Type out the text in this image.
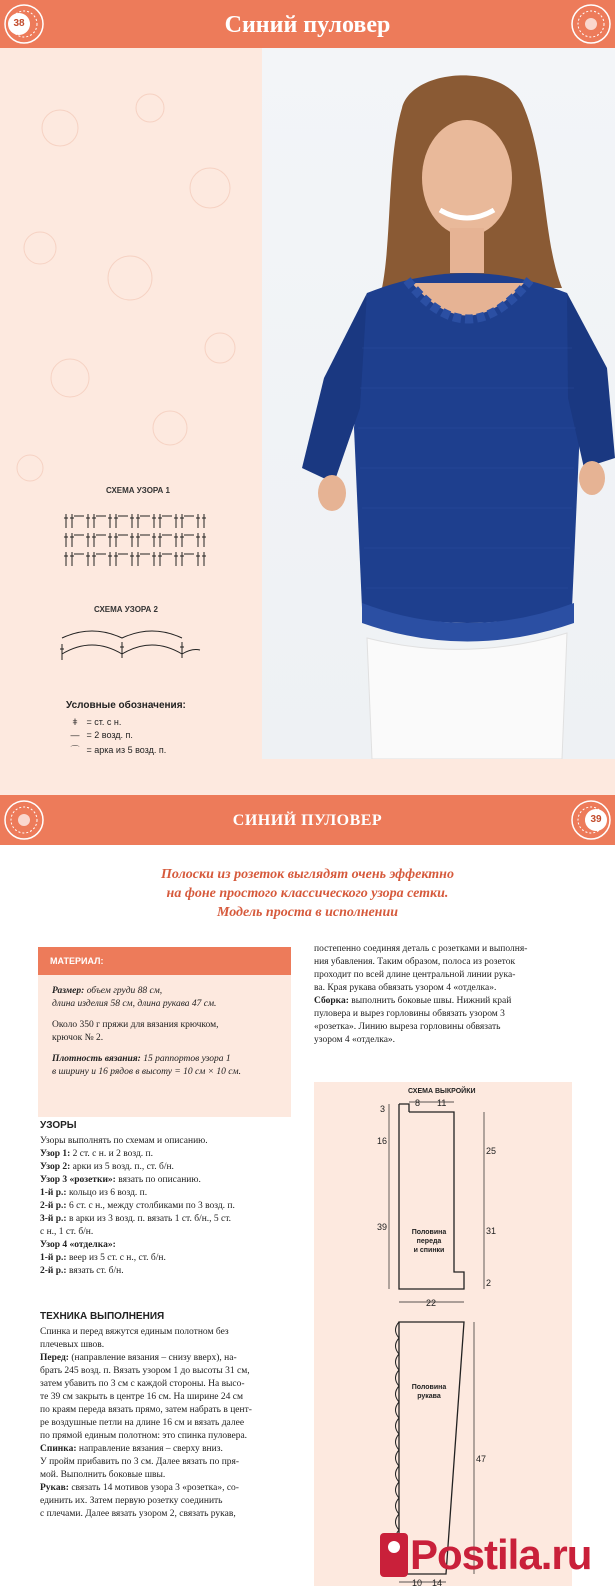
38	Синий пуловер
СХЕМА УЗОРА 1
СХЕМА УЗОРА 2
Условные обозначения:
ǂ = ст. с н.
— = 2 возд. п.
⌒ = арка из 5 возд. п.
СИНИЙ ПУЛОВЕР	39
Полоски из розеток выглядят очень эффектно
на фоне простого классического узора сетки.
Модель проста в исполнении
МАТЕРИАЛ:
Размер: объем груди 88 см,
длина изделия 58 см, длина рукава 47 см.
Около 350 г пряжи для вязания крючком,
крючок № 2.
Плотность вязания: 15 раппортов узора 1
в ширину и 16 рядов в высоту = 10 см × 10 см.
УЗОРЫ
Узоры выполнять по схемам и описанию.
Узор 1: 2 ст. с н. и 2 возд. п.
Узор 2: арки из 5 возд. п., ст. б/н.
Узор 3 «розетки»: вязать по описанию.
1-й р.: кольцо из 6 возд. п.
2-й р.: 6 ст. с н., между столбиками по 3 возд. п.
3-й р.: в арки из 3 возд. п. вязать 1 ст. б/н., 5 ст.
с н., 1 ст. б/н.
Узор 4 «отделка»:
1-й р.: веер из 5 ст. с н., ст. б/н.
2-й р.: вязать ст. б/н.
ТЕХНИКА ВЫПОЛНЕНИЯ
Спинка и перед вяжутся единым полотном без
плечевых швов.
Перед: (направление вязания – снизу вверх), на-
брать 245 возд. п. Вязать узором 1 до высоты 31 см,
затем убавить по 3 см с каждой стороны. На высо-
те 39 см закрыть в центре 16 см. На ширине 24 см
по краям переда вязать прямо, затем набрать в цент-
ре воздушные петли на длине 16 см и вязать далее
по прямой единым полотном: это спинка пуловера.
Спинка: направление вязания – сверху вниз.
У пройм прибавить по 3 см. Далее вязать по пря-
мой. Выполнить боковые швы.
Рукав: связать 14 мотивов узора 3 «розетка», со-
единить их. Затем первую розетку соединить
с плечами. Далее вязать узором 2, связать рукав,
постепенно соединяя деталь с розетками и выполня-
ния убавления. Таким образом, полоса из розеток
проходит по всей длине центральной линии рука-
ва. Края рукава обвязать узором 4 «отделка».
Сборка: выполнить боковые швы. Нижний край
пуловера и вырез горловины обвязать узором 3
«розетка». Линию выреза горловины обвязать
узором 4 «отделка».
СХЕМА ВЫКРОЙКИ
8 11
3
16
39
25
31
2
22
47
10 14
Половина
переда
и спинки
Половина
рукава
Postila.ru
